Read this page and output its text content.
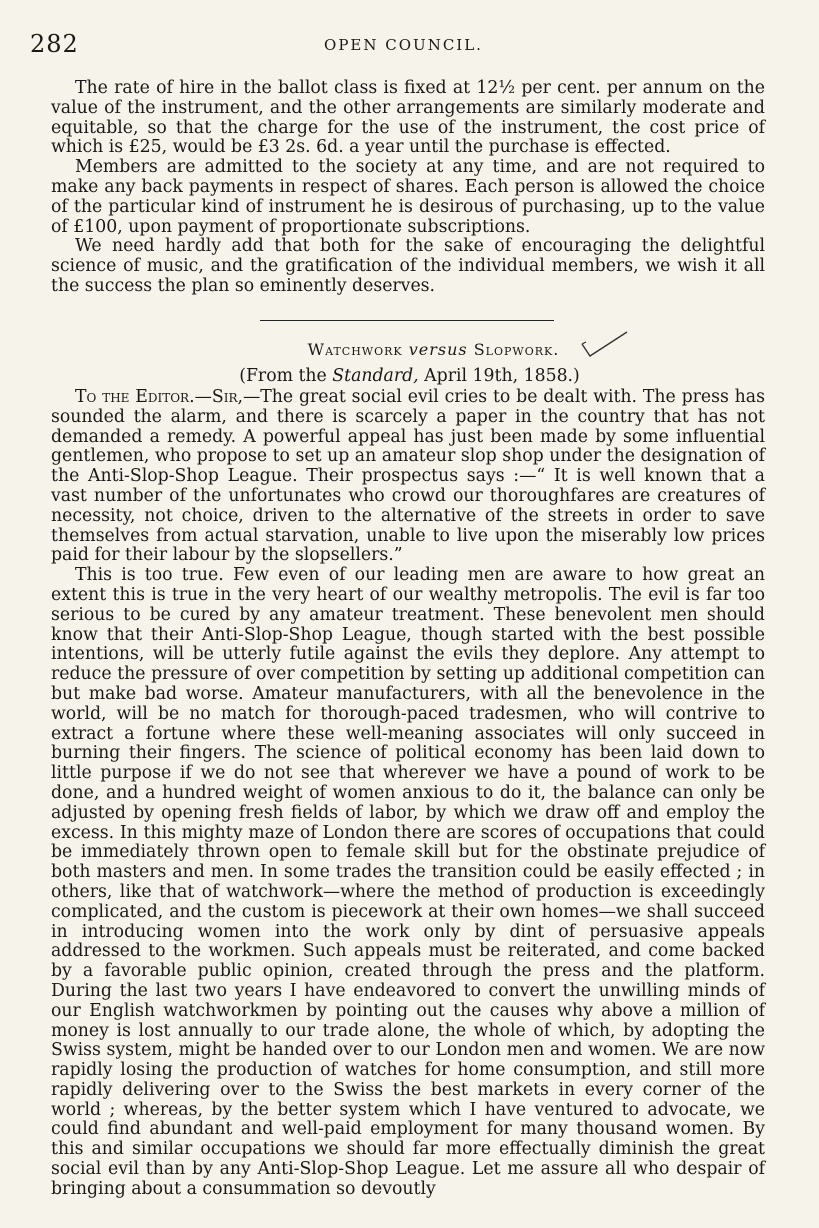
282	OPEN COUNCIL.

The rate of hire in the ballot class is fixed at 12½ per cent. per annum on the value of the instrument, and the other arrangements are similarly moderate and equitable, so that the charge for the use of the instrument, the cost price of which is £25, would be £3 2s. 6d. a year until the purchase is effected.

Members are admitted to the society at any time, and are not required to make any back payments in respect of shares. Each person is allowed the choice of the particular kind of instrument he is desirous of purchasing, up to the value of £100, upon payment of proportionate subscriptions.

We need hardly add that both for the sake of encouraging the delightful science of music, and the gratification of the individual members, we wish it all the success the plan so eminently deserves.

Watchwork versus Slopwork.
(From the Standard, April 19th, 1858.)

To the Editor.—Sir,—The great social evil cries to be dealt with. The press has sounded the alarm, and there is scarcely a paper in the country that has not demanded a remedy. A powerful appeal has just been made by some influential gentlemen, who propose to set up an amateur slop shop under the designation of the Anti-Slop-Shop League. Their prospectus says :—“ It is well known that a vast number of the unfortunates who crowd our thoroughfares are creatures of necessity, not choice, driven to the alternative of the streets in order to save themselves from actual starvation, unable to live upon the miserably low prices paid for their labour by the slopsellers.”

This is too true. Few even of our leading men are aware to how great an extent this is true in the very heart of our wealthy metropolis. The evil is far too serious to be cured by any amateur treatment. These benevolent men should know that their Anti-Slop-Shop League, though started with the best possible intentions, will be utterly futile against the evils they deplore. Any attempt to reduce the pressure of over competition by setting up additional competition can but make bad worse. Amateur manufacturers, with all the benevolence in the world, will be no match for thorough-paced tradesmen, who will contrive to extract a fortune where these well-meaning associates will only succeed in burning their fingers. The science of political economy has been laid down to little purpose if we do not see that wherever we have a pound of work to be done, and a hundred weight of women anxious to do it, the balance can only be adjusted by opening fresh fields of labor, by which we draw off and employ the excess. In this mighty maze of London there are scores of occupations that could be immediately thrown open to female skill but for the obstinate prejudice of both masters and men. In some trades the transition could be easily effected ; in others, like that of watchwork—where the method of production is exceedingly complicated, and the custom is piecework at their own homes—we shall succeed in introducing women into the work only by dint of persuasive appeals addressed to the workmen. Such appeals must be reiterated, and come backed by a favorable public opinion, created through the press and the platform. During the last two years I have endeavored to convert the unwilling minds of our English watchworkmen by pointing out the causes why above a million of money is lost annually to our trade alone, the whole of which, by adopting the Swiss system, might be handed over to our London men and women. We are now rapidly losing the production of watches for home consumption, and still more rapidly delivering over to the Swiss the best markets in every corner of the world ; whereas, by the better system which I have ventured to advocate, we could find abundant and well-paid employment for many thousand women. By this and similar occupations we should far more effectually diminish the great social evil than by any Anti-Slop-Shop League. Let me assure all who despair of bringing about a consummation so devoutly
